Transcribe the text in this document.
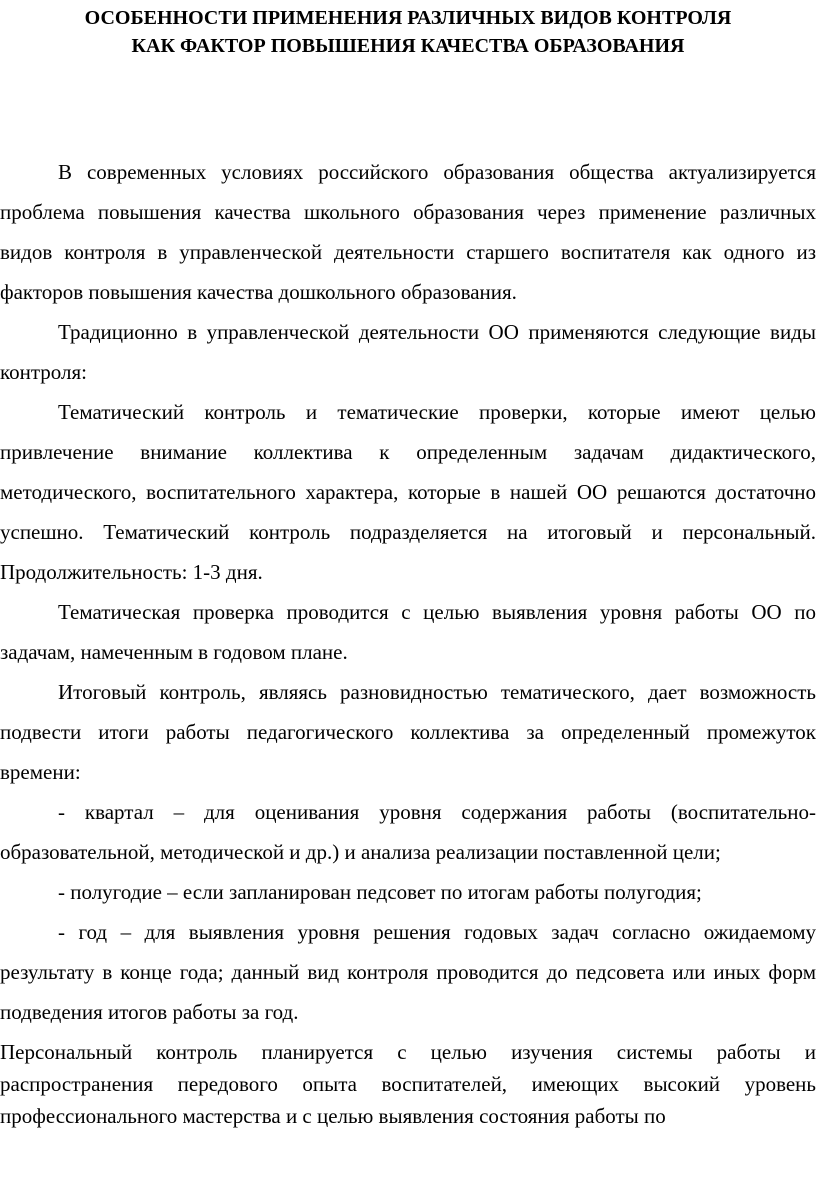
ОСОБЕННОСТИ ПРИМЕНЕНИЯ РАЗЛИЧНЫХ ВИДОВ КОНТРОЛЯ
КАК ФАКТОР ПОВЫШЕНИЯ КАЧЕСТВА ОБРАЗОВАНИЯ

В современных условиях российского образования общества актуализируется проблема повышения качества школьного образования через применение различных видов контроля в управленческой деятельности старшего воспитателя как одного из факторов повышения качества дошкольного образования.

Традиционно в управленческой деятельности ОО применяются следующие виды контроля:

Тематический контроль и тематические проверки, которые имеют целью привлечение внимание коллектива к определенным задачам дидактического, методического, воспитательного характера, которые в нашей ОО решаются достаточно успешно. Тематический контроль подразделяется на итоговый и персональный. Продолжительность: 1-3 дня.

Тематическая проверка проводится с целью выявления уровня работы ОО по задачам, намеченным в годовом плане.

Итоговый контроль, являясь разновидностью тематического, дает возможность подвести итоги работы педагогического коллектива за определенный промежуток времени:

- квартал – для оценивания уровня содержания работы (воспитательно-образовательной, методической и др.) и анализа реализации поставленной цели;

- полугодие – если запланирован педсовет по итогам работы полугодия;

- год – для выявления уровня решения годовых задач согласно ожидаемому результату в конце года; данный вид контроля проводится до педсовета или иных форм подведения итогов работы за год.

Персональный контроль планируется с целью изучения системы работы и распространения передового опыта воспитателей, имеющих высокий уровень профессионального мастерства и с целью выявления состояния работы по
